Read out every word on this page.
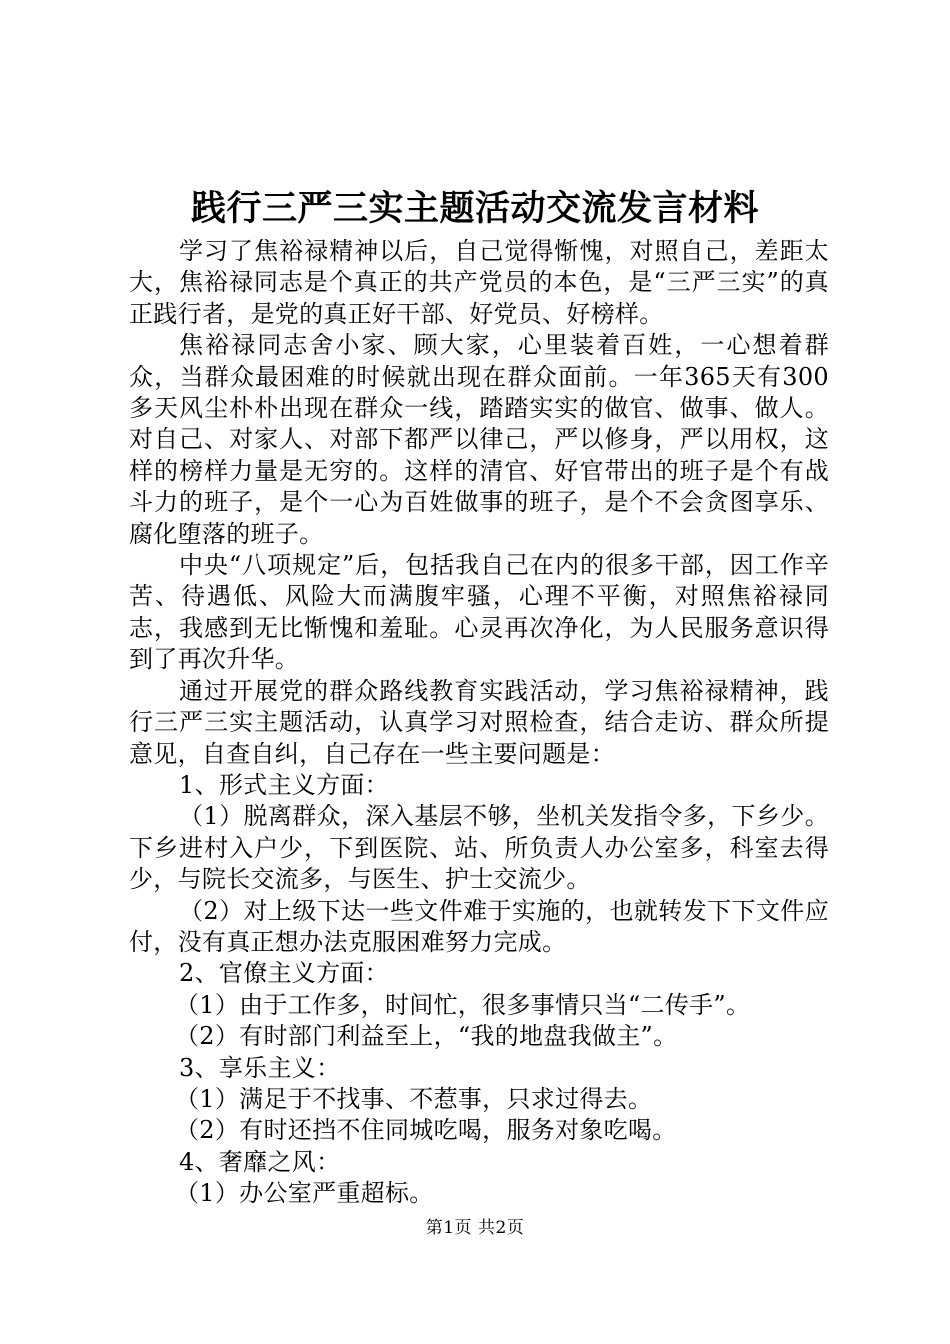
践行三严三实主题活动交流发言材料

学习了焦裕禄精神以后，自己觉得惭愧，对照自己，差距太大，焦裕禄同志是个真正的共产党员的本色，是“三严三实”的真正践行者，是党的真正好干部、好党员、好榜样。

焦裕禄同志舍小家、顾大家，心里装着百姓，一心想着群众，当群众最困难的时候就出现在群众面前。一年365天有300多天风尘朴朴出现在群众一线，踏踏实实的做官、做事、做人。对自己、对家人、对部下都严以律己，严以修身，严以用权，这样的榜样力量是无穷的。这样的清官、好官带出的班子是个有战斗力的班子，是个一心为百姓做事的班子，是个不会贪图享乐、腐化堕落的班子。

中央“八项规定”后，包括我自己在内的很多干部，因工作辛苦、待遇低、风险大而满腹牢骚，心理不平衡，对照焦裕禄同志，我感到无比惭愧和羞耻。心灵再次净化，为人民服务意识得到了再次升华。

通过开展党的群众路线教育实践活动，学习焦裕禄精神，践行三严三实主题活动，认真学习对照检查，结合走访、群众所提意见，自查自纠，自己存在一些主要问题是：

1、形式主义方面：

（1）脱离群众，深入基层不够，坐机关发指令多，下乡少。下乡进村入户少，下到医院、站、所负责人办公室多，科室去得少，与院长交流多，与医生、护士交流少。

（2）对上级下达一些文件难于实施的，也就转发下下文件应付，没有真正想办法克服困难努力完成。

2、官僚主义方面：

（1）由于工作多，时间忙，很多事情只当“二传手”。

（2）有时部门利益至上，“我的地盘我做主”。

3、享乐主义：

（1）满足于不找事、不惹事，只求过得去。

（2）有时还挡不住同城吃喝，服务对象吃喝。

4、奢靡之风：

（1）办公室严重超标。

第1页 共2页
